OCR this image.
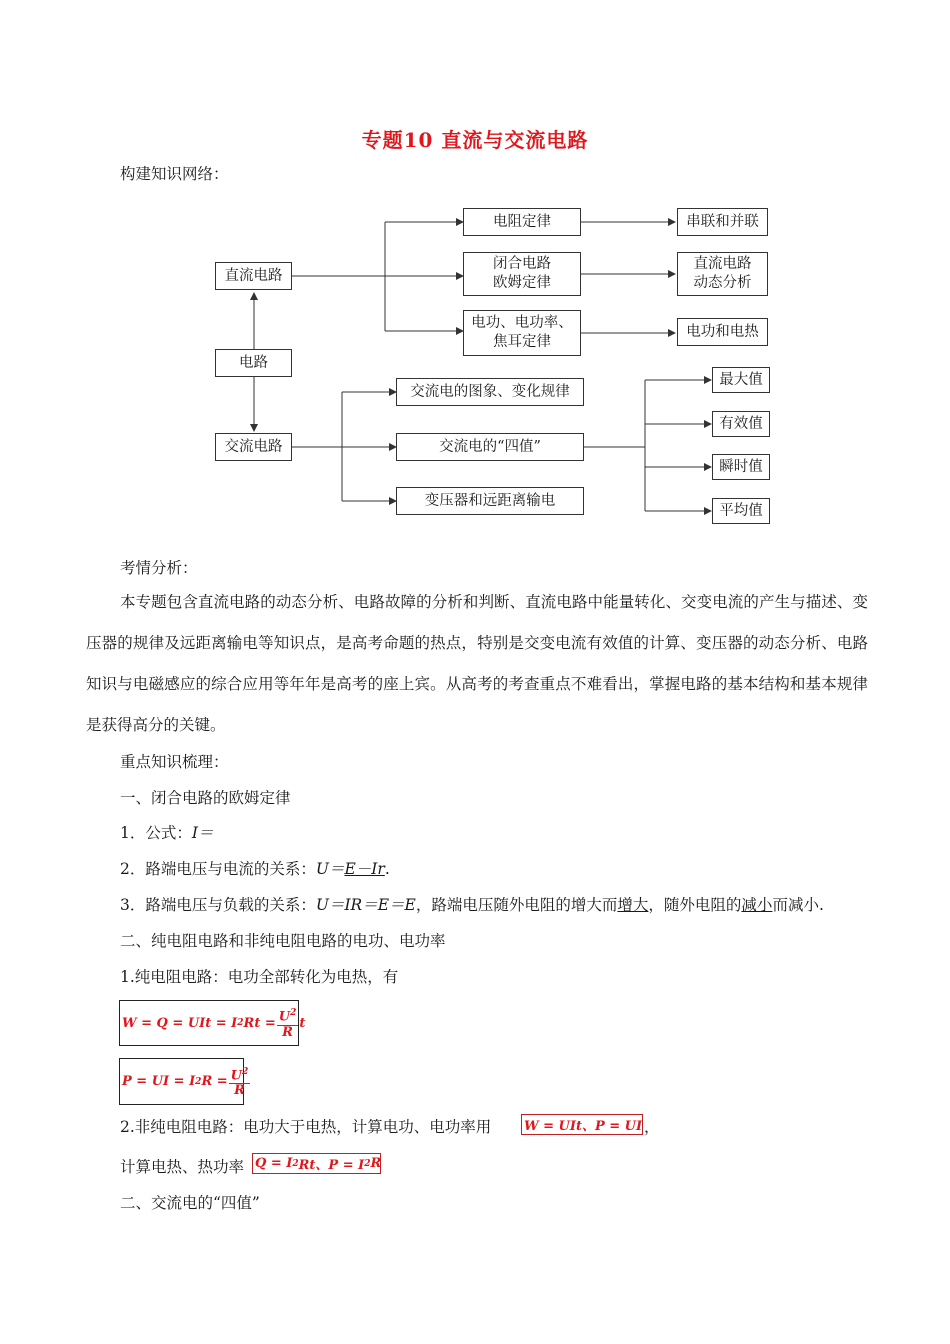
专题10 直流与交流电路
构建知识网络：
直流电路
电路
交流电路
电阻定律
闭合电路
欧姆定律
电功、电功率、
焦耳定律
串联和并联
直流电路
动态分析
电功和电热
交流电的图象、变化规律
交流电的“四值”
变压器和远距离输电
最大值
有效值
瞬时值
平均值
考情分析：
本专题包含直流电路的动态分析、电路故障的分析和判断、直流电路中能量转化、交变电流的产生与描述、变压器的规律及远距离输电等知识点，是高考命题的热点，特别是交变电流有效值的计算、变压器的动态分析、电路知识与电磁感应的综合应用等年年是高考的座上宾。从高考的考查重点不难看出，掌握电路的基本结构和基本规律是获得高分的关键。
重点知识梳理：
一、闭合电路的欧姆定律
1．公式：I＝
2．路端电压与电流的关系：U＝E－Ir.
3．路端电压与负载的关系：U＝IR＝E＝E，路端电压随外电阻的增大而增大，随外电阻的减小而减小.
二、纯电阻电路和非纯电阻电路的电功、电功率
1.纯电阻电路：电功全部转化为电热，有
W = Q = UIt = I 2 $Rt = \frac{U^2}{R}$ t
P = UI = I 2 $R = \frac{U^2}{R}$
2.非纯电阻电路：电功大于电热，计算电功、电功率用	W = UIt、P = UI ，
计算电热、热功率 Q = I 2 Rt、P = I 2 R
二、交流电的“四值”
